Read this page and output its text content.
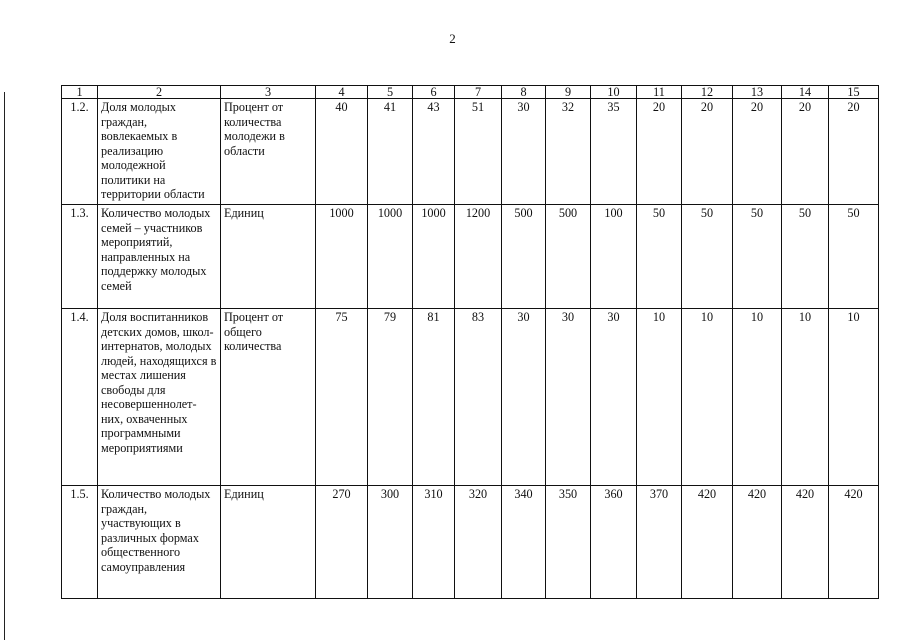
2
1	2	3	4	5	6	7	8	9	10	11	12	13	14	15
1.2.	Доля молодых граждан, вовлекаемых в реализацию молодежной политики на территории области	Процент от количества молодежи в области	40	41	43	51	30	32	35	20	20	20	20	20
1.3.	Количество молодых семей – участников мероприятий, направленных на поддержку молодых семей	Единиц	1000	1000	1000	1200	500	500	100	50	50	50	50	50
1.4.	Доля воспитанников детских домов, школ-интернатов, молодых людей, находящихся в местах лишения свободы для несовершеннолет-них, охваченных программными мероприятиями	Процент от общего количества	75	79	81	83	30	30	30	10	10	10	10	10
1.5.	Количество молодых граждан, участвующих в различных формах общественного самоуправления	Единиц	270	300	310	320	340	350	360	370	420	420	420	420
